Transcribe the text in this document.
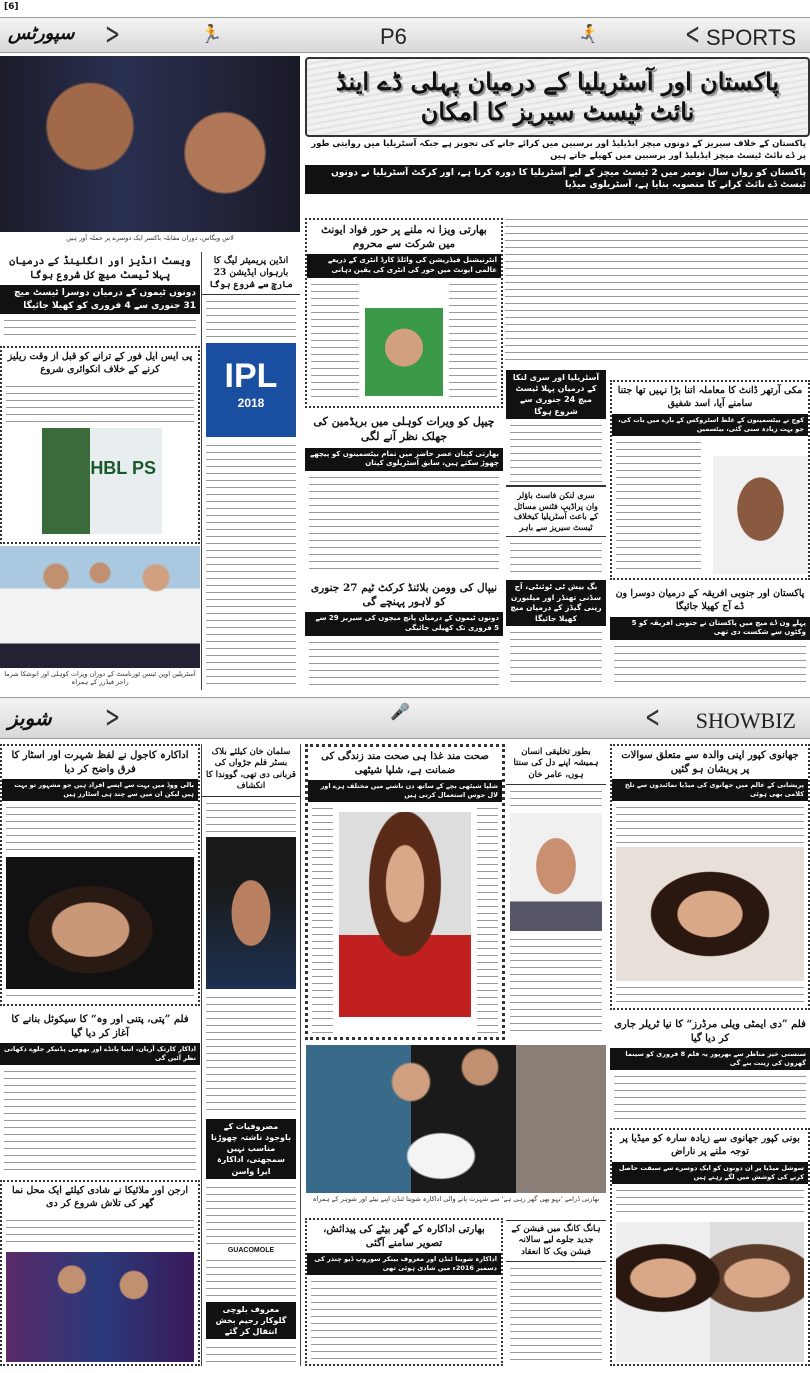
[6]
سپورٹس >	🏃	P6	🏃	< SPORTS
لاس ویگاس، دوران مقابلہ باکسر ایک دوسرے پر حملہ آور ہیں
ویسٹ انڈیز اور انگلینڈ کے درمیان پہلا ٹیسٹ میچ کل شروع ہوگا
دونوں ٹیموں کے درمیان دوسرا ٹیسٹ میچ 31 جنوری سے 4 فروری کو کھیلا جائیگا
انڈین پریمیئر لیگ کا بارہواں ایڈیشن 23 مارچ سے شروع ہوگا
IPL
2018
پی ایس ایل فور کے ترانے کو قبل از وقت ریلیز کرنے کے خلاف انکوائری شروع
HBL PS
آسٹریلین اوپن ٹینس ٹورنامنٹ کے دوران ویرات کوہلی اور انوشکا شرما راجر فیڈرر کے ہمراہ
پاکستان اور آسٹریلیا کے درمیان پہلی ڈے اینڈ نائٹ ٹیسٹ سیریز کا امکان
پاکستان کے خلاف سیریز کے دونوں میچز ایڈیلیڈ اور برسبین میں کرائے جانے کی تجویز ہے جبکہ آسٹریلیا میں روایتی طور پر ڈے نائٹ ٹیسٹ میچز ایڈیلیڈ اور برسبین میں کھیلے جاتے ہیں
پاکستان کو رواں سال نومبر میں 2 ٹیسٹ میچز کے لیے آسٹریلیا کا دورہ کرنا ہے، اور کرکٹ آسٹریلیا نے دونوں ٹیسٹ ڈے نائٹ کرانے کا منصوبہ بنایا ہے، آسٹریلوی میڈیا
بھارتی ویزا نہ ملنے پر حور فواد ایونٹ میں شرکت سے محروم
انٹرنیشنل فیڈریشن کی وائلڈ کارڈ انٹری کے ذریعے عالمی ایونٹ میں حور کی انٹری کی یقین دہانی
چیپل کو ویرات کوہلی میں بریڈمین کی جھلک نظر آنے لگی
بھارتی کپتان عصر حاضر میں تمام بیٹسمینوں کو پیچھے چھوڑ سکتے ہیں، سابق آسٹریلوی کپتان
آسٹریلیا اور سری لنکا کے درمیان پہلا ٹیسٹ میچ 24 جنوری سے شروع ہوگا
سری لنکن فاسٹ باؤلر وان پراڈیپ فٹنس مسائل کے باعث آسٹریلیا کیخلاف ٹیسٹ سیریز سے باہر
مکی آرتھر ڈانٹ کا معاملہ اتنا بڑا نہیں تھا جتنا سامنے آیا، اسد شفیق
کوچ نے بیٹسمینوں کے غلط اسٹروکس کے بارے میں بات کی، جو بہت زیادہ سنی گئی، بیٹسمین
نیپال کی وومن بلائنڈ کرکٹ ٹیم 27 جنوری کو لاہور پہنچے گی
دونوں ٹیموں کے درمیان پانچ میچوں کی سیریز 29 سے 5 فروری تک کھیلی جائیگی
بگ بیش ٹی ٹوئنٹی، آج سڈنی تھنڈر اور میلبورن رینی گیڈز کے درمیان میچ کھیلا جائیگا
پاکستان اور جنوبی افریقہ کے درمیان دوسرا ون ڈے آج کھیلا جائیگا
پہلے ون ڈے میچ میں پاکستان نے جنوبی افریقہ کو 5 وکٹوں سے شکست دی تھی
شوبز >	🎤	< SHOWBIZ
اداکارہ کاجول نے لفظ شہرت اور اسٹار کا فرق واضح کر دیا
بالی ووڈ میں بہت سے ایسے افراد ہیں جو مشہور تو بہت ہیں لیکن ان میں سے چند ہی اسٹارز ہیں
سلمان خان کیلئے بلاک بسٹر فلم جڑواں کی قربانی دی تھی، گووندا کا انکشاف
مصروفیات کے باوجود ناشتہ چھوڑنا مناسب نہیں سمجھتی، اداکارہ ایرا واسن
GUACOMOLE
معروف بلوچی گلوکار رحیم بخش انتقال کر گئے
صحت مند غذا ہی صحت مند زندگی کی ضمانت ہے، شلپا شیٹھی
شلپا شیٹھی بچے کے ساتھ دن ناشتے میں مختلف ہرے اور لال جوس استعمال کرتی ہیں
بطور تخلیقی انسان ہمیشہ اپنے دل کی سنتا ہوں، عامر خان
جھانوی کپور اپنی والدہ سے متعلق سوالات پر پریشان ہو گئیں
پریشانی کے عالم میں جھانوی کی میڈیا نمائندوں سے تلخ کلامی بھی ہوئی
فلم ”پتی، پتنی اور وہ“ کا سیکوئل بنانے کا آغاز کر دیا گیا
اداکار کارتک آریان، اننیا پانڈے اور بھومی پڈنیکر جلوے دکھاتی نظر آئیں گی
ارجن اور ملائیکا نے شادی کیلئے ایک محل نما گھر کی تلاش شروع کر دی	بھارتی ڈرامے ’بہو بھی گھر رہی ہے‘ سے شہرت پانے والی اداکارہ شویتا ٹنڈن اپنے بیٹے اور شوہر کے ہمراہ
بھارتی اداکارہ کے گھر بیٹے کی پیدائش، تصویر سامنے آگئی
اداکارہ شویتا ٹنڈن اور معروف بینکر سوروپ ڈیو چندر کی دسمبر 2016ء میں شادی ہوئی تھی
ہانگ کانگ میں فیشن کے جدید جلوے لیے سالانہ فیشن ویک کا انعقاد
فلم ”دی ایمٹی ویلی مرڈرز“ کا نیا ٹریلر جاری کر دیا گیا
سنسنی خیز مناظر سے بھرپور یہ فلم 8 فروری کو سینما گھروں کی زینت بنے گی
بونی کپور جھانوی سے زیادہ سارہ کو میڈیا پر توجہ ملنے پر ناراض
سوشل میڈیا پر ان دونوں کو ایک دوسرے سے سبقت حاصل کرنے کی کوشش میں لگے رہتے ہیں
